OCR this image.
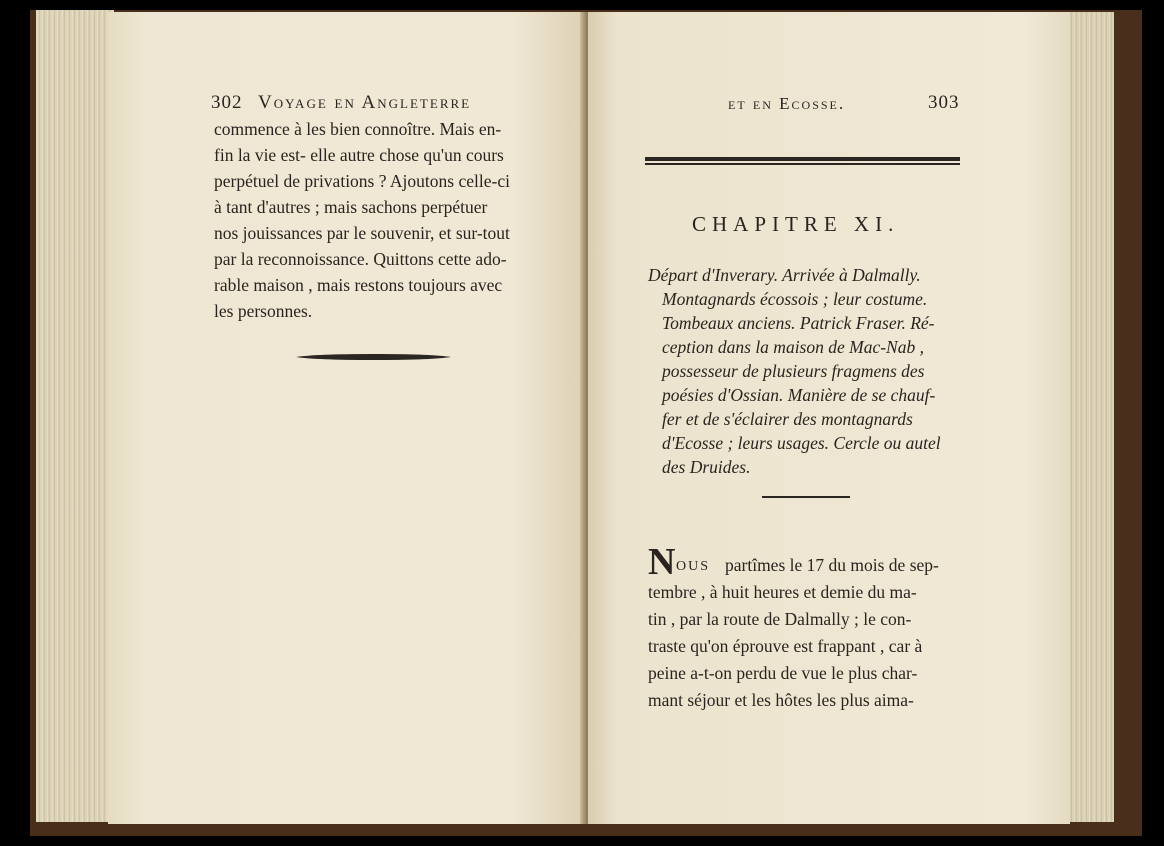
302 Voyage en Angleterre
commence à les bien connoître. Mais en-
fin la vie est- elle autre chose qu'un cours
perpétuel de privations ? Ajoutons celle-ci
à tant d'autres ; mais sachons perpétuer
nos jouissances par le souvenir, et sur-tout
par la reconnoissance. Quittons cette ado-
rable maison , mais restons toujours avec
les personnes.
et en Ecosse.	303
CHAPITRE XI.
Départ d'Inverary. Arrivée à Dalmally.
Montagnards écossois ; leur costume.
Tombeaux anciens. Patrick Fraser. Ré-
ception dans la maison de Mac-Nab ,
possesseur de plusieurs fragmens des
poésies d'Ossian. Manière de se chauf-
fer et de s'éclairer des montagnards
d'Ecosse ; leurs usages. Cercle ou autel
des Druides.
N OUS partîmes le 17 du mois de sep-
tembre , à huit heures et demie du ma-
tin , par la route de Dalmally ; le con-
traste qu'on éprouve est frappant , car à
peine a-t-on perdu de vue le plus char-
mant séjour et les hôtes les plus aima-
